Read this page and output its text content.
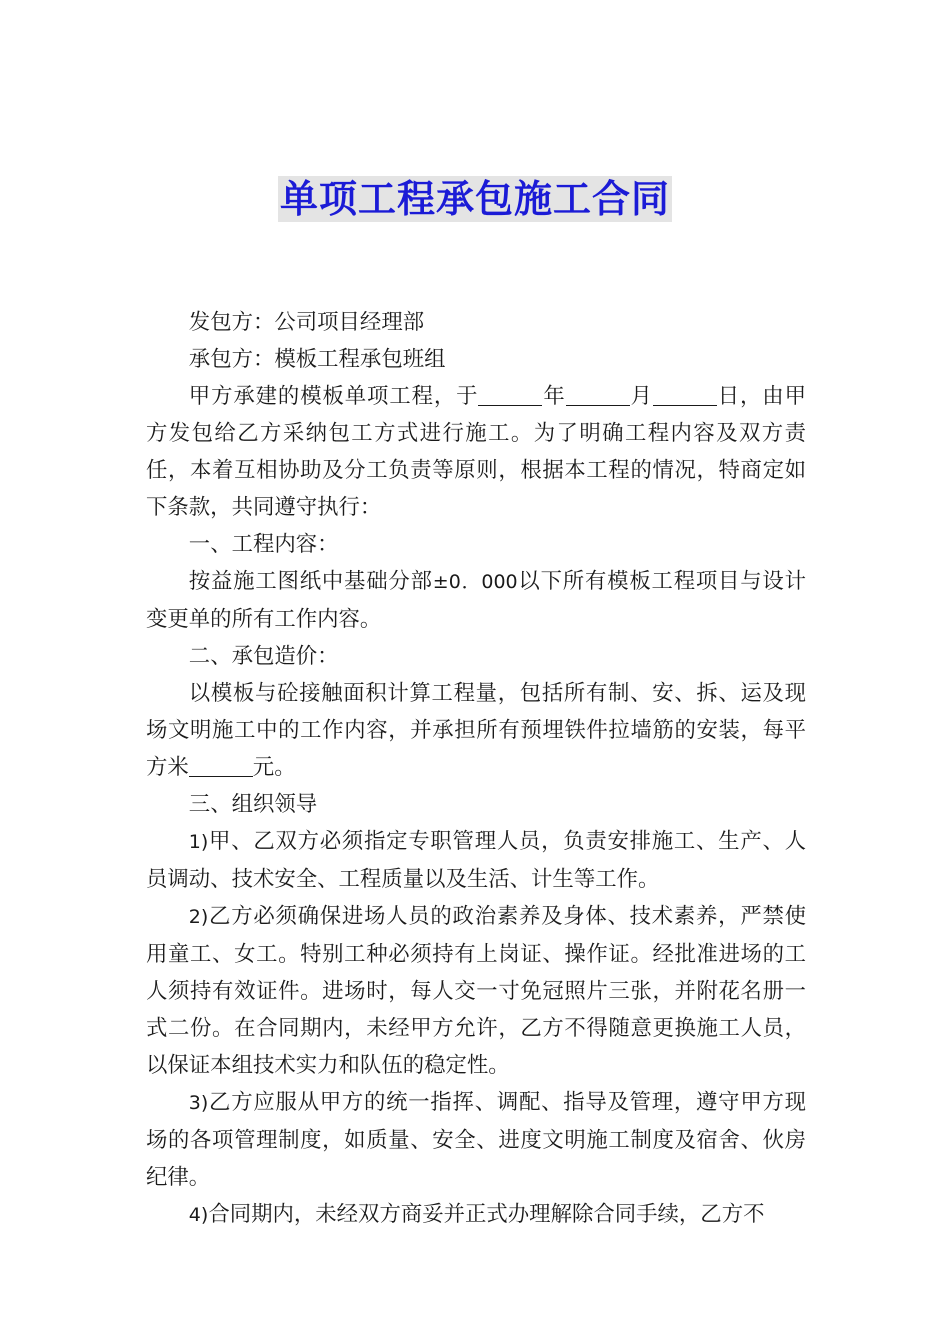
单项工程承包施工合同

发包方：公司项目经理部

承包方：模板工程承包班组

甲方承建的模板单项工程，于	年	月	日，由甲方发包给乙方采纳包工方式进行施工。为了明确工程内容及双方责任，本着互相协助及分工负责等原则，根据本工程的情况，特商定如下条款，共同遵守执行：

一、工程内容：

按益施工图纸中基础分部±0．000以下所有模板工程项目与设计变更单的所有工作内容。

二、承包造价：

以模板与砼接触面积计算工程量，包括所有制、安、拆、运及现场文明施工中的工作内容，并承担所有预埋铁件拉墙筋的安装，每平方米	元。

三、组织领导

1)甲、乙双方必须指定专职管理人员，负责安排施工、生产、人员调动、技术安全、工程质量以及生活、计生等工作。

2)乙方必须确保进场人员的政治素养及身体、技术素养，严禁使用童工、女工。特别工种必须持有上岗证、操作证。经批准进场的工人须持有效证件。进场时，每人交一寸免冠照片三张，并附花名册一式二份。在合同期内，未经甲方允许，乙方不得随意更换施工人员，以保证本组技术实力和队伍的稳定性。

3)乙方应服从甲方的统一指挥、调配、指导及管理，遵守甲方现场的各项管理制度，如质量、安全、进度文明施工制度及宿舍、伙房纪律。

4)合同期内，未经双方商妥并正式办理解除合同手续，乙方不
